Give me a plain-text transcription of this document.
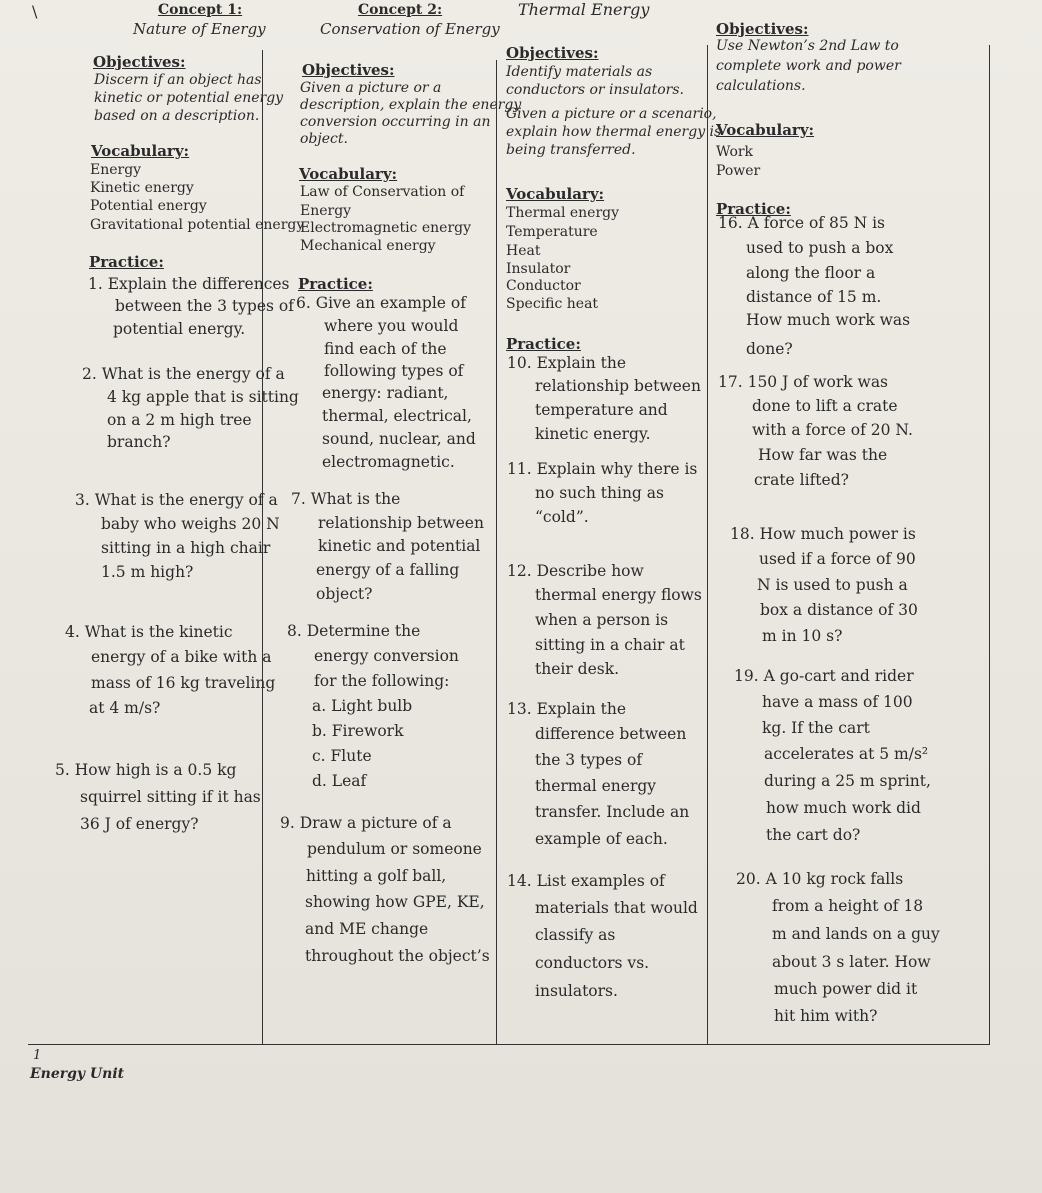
\	Concept 1:
Nature of Energy
Objectives:
Discern if an object has
kinetic or potential energy
based on a description.
Vocabulary:
Energy
Kinetic energy
Potential energy
Gravitational potential energy
Practice:
1. Explain the differences
between the 3 types of
potential energy.
2. What is the energy of a
4 kg apple that is sitting
on a 2 m high tree
branch?
3. What is the energy of a
baby who weighs 20 N
sitting in a high chair
1.5 m high?
4. What is the kinetic
energy of a bike with a
mass of 16 kg traveling
at 4 m/s?
5. How high is a 0.5 kg
squirrel sitting if it has
36 J of energy?
Concept 2:
Conservation of Energy
Objectives:
Given a picture or a
description, explain the energy
conversion occurring in an
object.
Vocabulary:
Law of Conservation of
Energy
Electromagnetic energy
Mechanical energy
Practice:
6. Give an example of
where you would
find each of the
following types of
energy: radiant,
thermal, electrical,
sound, nuclear, and
electromagnetic.
7. What is the
relationship between
kinetic and potential
energy of a falling
object?
8. Determine the
energy conversion
for the following:
a. Light bulb
b. Firework
c. Flute
d. Leaf
9. Draw a picture of a
pendulum or someone
hitting a golf ball,
showing how GPE, KE,
and ME change
throughout the object’s
Thermal Energy
Objectives:
Identify materials as
conductors or insulators.
Given a picture or a scenario,
explain how thermal energy is
being transferred.
Vocabulary:
Thermal energy
Temperature
Heat
Insulator
Conductor
Specific heat
Practice:
10. Explain the
relationship between
temperature and
kinetic energy.
11. Explain why there is
no such thing as
“cold”.
12. Describe how
thermal energy flows
when a person is
sitting in a chair at
their desk.
13. Explain the
difference between
the 3 types of
thermal energy
transfer. Include an
example of each.
14. List examples of
materials that would
classify as
conductors vs.
insulators.
Objectives:
Use Newton’s 2nd Law to
complete work and power
calculations.
Vocabulary:
Work
Power
Practice:
16. A force of 85 N is
used to push a box
along the floor a
distance of 15 m.
How much work was
done?
17. 150 J of work was
done to lift a crate
with a force of 20 N.
How far was the
crate lifted?
18. How much power is
used if a force of 90
N is used to push a
box a distance of 30
m in 10 s?
19. A go-cart and rider
have a mass of 100
kg. If the cart
accelerates at 5 m/s²
during a 25 m sprint,
how much work did
the cart do?
20. A 10 kg rock falls
from a height of 18
m and lands on a guy
about 3 s later. How
much power did it
hit him with?
1
Energy Unit
